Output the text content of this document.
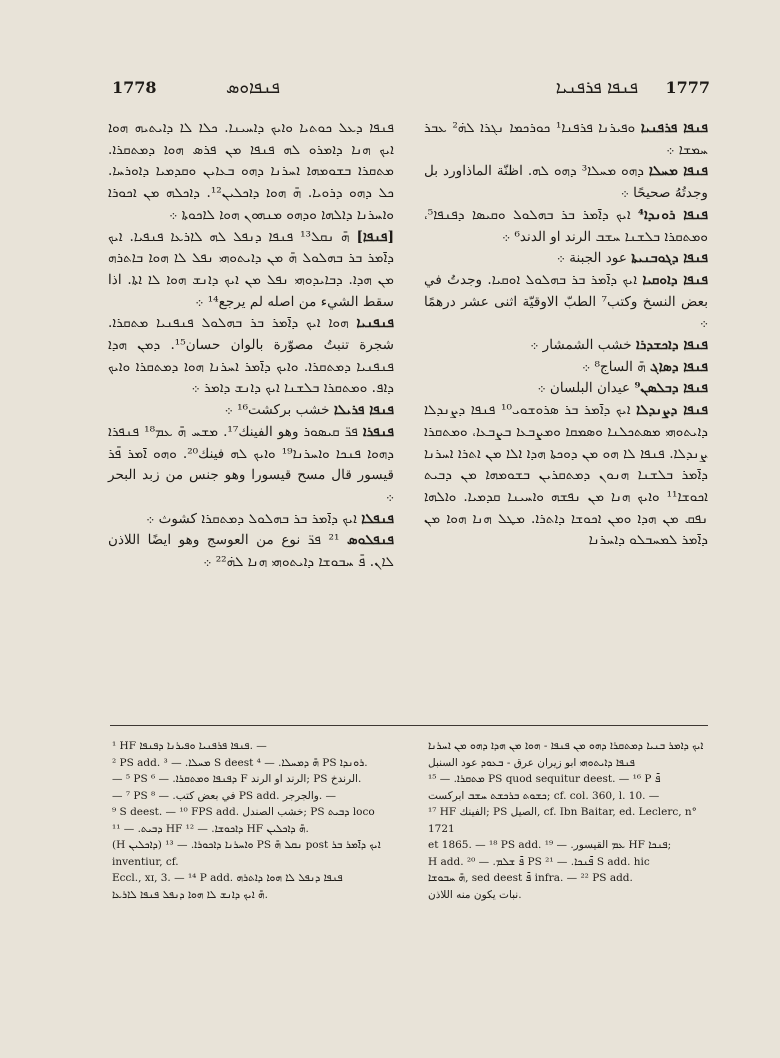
1778	ܦܢܦܐܘܣ	ܦܢܦܐ ܦܪܦܢܝܐ 1777

ܦܢܦܐ ܦܪܦܢܝܐ ܘܦܝܪܢܐ ܦܪܦܢܐ¹ ܟܘܪܟܡܐ ܢܓܪܐ ܠܗ̇² ܥܒܪ ܚܡܫܐ ܀

ܦܢܦܐ ܡܚܠܐ ܕܗܘ ܡܚܠܐ³ ܕܗܘ ܠܗ. اظنّة الماذاورد بل وجدتُهُ صحيحًا ܀

ܦܢܦܐ ܪܘܢܕܐ⁴ ܐܝܟ ܕܐ̄ܡܪ ܒܪ ܒܗܠܘܠ ܘܩܝܣܐ ܕܦܢܦܐ⁵، ܘܡܬܩܪܐ ܒܠܫܢܐ ܚܫܒ الرند او الدند⁶ ܀

ܦܢܦܐ ܕܓܘܒܢܝܬܐ عود الجبنة ܀

ܦܢܦܐ ܕܐܘܩܝܐ ܐܝܟ ܕܐ̄ܡܪ ܒܪ ܒܗܠܘܠ ܐܘܩܝܐ. وجدتُ في بعض النسخ وكتب⁷ الطبّ الاوقيّة اثنى عشر درهمًا ܀

ܦܢܦܐ ܕܐܟܫܕܪܐ خشب الشمشار ܀

ܦܢܦܐ ܕܣܐܓ ܗ̄ الساج⁸ ܀

ܦܢܦܐ ܕܒܠܣܢ⁹ عيدان البلسان ܀

ܦܢܦܐ ܕܨܢܕܠܐ ܐܝܟ ܕܐ̄ܡܪ ܒܪ ܣܪܘܫܘܝ¹⁰ ܦܢܦܐ ܕܨܢܕܠܐ ܕܐܝܬܘܗܝ ܡܣܬܟܠܢܐ ܘܣܡܩܐ ܘܡܨܒܥܐ ܒܨܒܥܐ، ܘܡܬܩܪܐ ܨܢܕܠܐ. ܦܢܦܐ ܠܐ ܗܘ ܡܢ ܕܘܟܬܐ ܗܕܐ ܐܠܐ ܡܢ ܐܬܪܐ ܐܚܪܢܐ ܕܐ̄ܡܪ ܒܠܫܢܐ ܗܢܘܢ ܕܡܬܩܪܝܢ ܒܫܘܡܗܐ ܡܢ ܕܒܝܬ ܐܟܘܫܐ¹¹ ܘܐܝܟ ܗܢܐ ܡܢ ܢܦܫܗ ܘܐܚܝܢܐ ܩܕܡܝܐ. ܘܐܠܗܐ ܢܦܩ ܡܢ ܗܕܐ ܘܡܢ ܐܟܘܫܐ ܕܐܬܪܐ. ܡܛܠ ܗܢܐ ܗܘܐ ܡܢ ܕܐ̄ܡܪ ܠܡܚܒܠܘ ܕܐܚܪܢܐ

ܦܢܦܐ ܕܥܠ ܟܘܬܝܐ ܘܐܝܟ ܕܐܚܝܢܐ. ܟܠܐ ܠܐ ܕܐܝܬܝܗ ܗܘܐ ܐܝܟ ܗܢܐ ܕܐܡܪܘ ܠܗ ܦܢܦܐ ܡܢ ܦܪܣ ܗܘܐ ܕܡܬܩܪܐ. ܡܬܩܪܐ ܒܫܘܡܗܐ ܐܚܪܢܐ ܕܗܘ ܒܥܐܝܢ ܘܩܕܡܝܐ ܕܐܘܪܚܐ. ܟܠ ܕܗܘ ܕܪܘܝܐ. ܗ̄ ܗܘܐ ܕܐܟܠܝܢ¹². ܕܐܟܠܗ ܡܢ ܐܟܘܪܐ ܘܐܚܪܢܐ ܕܐܠܗܐ ܘܕܗܘ ܡܢܗܘܢ ܗܘܐ ܠܐܟܘܬܐ ܀

[ܦܢܦܐ] ܗ̄ ܢܩܠ¹³ ܦܢܦܐ ܕܢܦܠ ܠܗ ܠܐܪܥܐ ܦܢܦܝܐ. ܐܝܟ ܕܐ̄ܡܪ ܒܪ ܒܗܠܘܠ ܗ̄ ܡܢ ܕܐܝܬܘܗܝ ܢܦܠ ܠܐ ܗܘܐ ܒܐܬܪܗ ܡܢ ܗܕܐ. ܕܒܐܝܕܘܗܝ ܢܦܠ ܡܢ ܐܝܟ ܕܐܢܫ ܗܘܐ ܠܐ ܐܬܐ. اذا سقط الشيء من اصله لم يرجع¹⁴ ܀

ܦܢܦܢܝܐ ܗܘܐ ܐܝܟ ܕܐ̄ܡܪ ܒܪ ܒܗܠܘܠ ܦܢܦܢܝܐ ܡܬܩܪܐ. شجرة تنبتُ مصوّرة بالوان حسان¹⁵. ܕܡܢ ܗܕܐ ܦܢܦܢܝܐ ܕܡܬܩܪܐ. ܘܐܝܟ ܕܐ̄ܡܪ ܐܚܪܢܐ ܗܘܐ ܕܡܬܩܪܐ ܘܐܝܟ ܕܐܦ. ܘܡܬܩܪܐ ܒܠܫܢܐ ܐܝܟ ܕܐܢܫ ܕܐܡܪ ܀

ܦܢܦܐ ܦܪܝܠܐ خشب بركشت¹⁶ ܀

ܦܢܦܪܐ ܦܪ̈ ܩܝܣܘܪ وهو الفينك¹⁷. ܡܫܚ ܗ̄ ܥܡ¹⁸ ܦܢܦܪܐ ܕܗܘܐ ܦܢܟܐ ܘܐܚܪܢܐ¹⁹ ܘܐܝܟ ܠܗ فينك²⁰. ܘܗܘ ܐ̄ܡܪ ܦ̄ܪ قيسور قال مسح قيسورا وهو جنس من زبد البحر ܀

ܦܢܦܠܐ ܐܝܟ ܕܐ̄ܡܪ ܒܪ ܒܗܠܘܠ ܕܡܬܩܪܐ كشوث ܀

ܦܢܦܠܘܣ ²¹ ܦܪ̈ نوع من العوسج وهو ايضًا اللاذن ܠܐܢ. ܦ̄ ܚܒܘܫܐ ܕܐܝܬܘܗܝ ܗܢܐ ܠܗ̇²² ܀

¹ HF ܦܢܦܐ ܦܪܦܢܝܐ ܘܦܝܪܢܐ ܕܦܢܦܐ. —

² PS add. ܡܚܠܐ. — ³ S deest ܗ̄ ܕܡܚܠܐ. — ⁴ PS ܪܘܢܕܐ.

— ⁵ PS ܕܦܢܦܐ ܘܡܬܩܪܐ. — ⁶ F الرند او الرند; PS الرندخ.

— ⁷ PS في بعض كتب. — ⁸ PS add. والجرجر. —

⁹ S deest. — ¹⁰ FPS add. خشب الصندل; PS ܕܒܝܬ loco

ܕܒܝܬ. — ¹¹ HF ܕܐܟܘܫܐ. — ¹² HF ܗ̄ ܕܐܟܠܝܢ.

(H ܕܐܟܠܝܢ) ܘܐܚܪܢܐ ܕܐܟܘܪܐ. — ¹³ PS ܢܩܠ ܗ̄ post ܐܝܟ ܕܐ̄ܡܪ ܒܪ inventiur, cf.

Eccl., xɪ, 3. — ¹⁴ P add. ܦܢܦܐ ܕܢܦܠ ܠܐ ܗܘܐ ܕܐܬܪܗ

ܗ̄ ܐܝܟ ܕܐܢܫ ܠܐ ܗܘܐ ܕܢܦܠ ܦܢܦܐ ܠܐܪܥܐ.

ܐܝܟ ܕܐܡܪ ܒܢܝܐ ܕܡܬܩܪܐ ܕܗܘ ܡܢ ܦܢܦܐ - ܗܘܐ ܡܢ ܗܕܐ ܕܗܘ ܡܢ ܐܚܪܢܐ

ܦܢܦܐ ܕܐܝܬܘܗܝ ابو زيران عرق - ܒܥܘܕ عود السنبل

ܡܬܩܪܐ. — ¹⁵ PS quod sequitur deest. — ¹⁶ P ܦ̄

ܟܫܘܬ ܒܪܟܫܬ ܚܫܒ ابركست; cf. col. 360, l. 10. —

¹⁷ HF الفينك; PS الصيل, cf. Ibn Baitar, ed. Leclerc, n° 1721

et 1865. — ¹⁸ PS add. ܥܡ القيسور. — ¹⁹ HF ܦܢܟܐ;

H add. ܦ̄ ܫܠܡ. — ²⁰ PS ܦ̄ܢܟܐ. — ²¹ S add. hic

ܗ̄ ܚܒܘܫܐ, sed deest ܦ̄ infra. — ²² PS add.

نبات يكون منه اللاذن.
